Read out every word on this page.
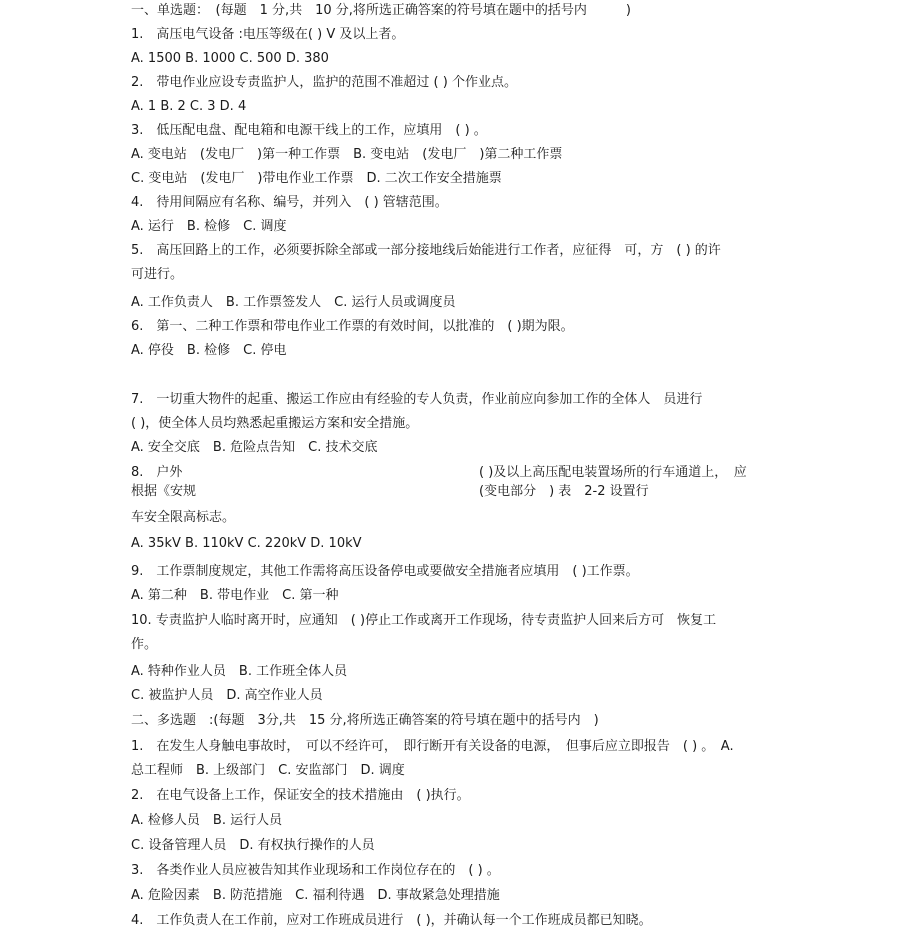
一、单选题：　(每题　1 分,共　10 分,将所选正确答案的符号填在题中的括号内　　　)
1.　高压电气设备 :电压等级在( ) V 及以上者。
A. 1500 B. 1000 C. 500 D. 380
2.　带电作业应设专责监护人，监护的范围不准超过 ( ) 个作业点。
A. 1 B. 2 C. 3 D. 4
3.　低压配电盘、配电箱和电源干线上的工作，应填用　( ) 。
A. 变电站　(发电厂　)第一种工作票　B. 变电站　(发电厂　)第二种工作票
C. 变电站　(发电厂　)带电作业工作票　D. 二次工作安全措施票
4.　待用间隔应有名称、编号，并列入　( ) 管辖范围。
A. 运行　B. 检修　C. 调度
5.　高压回路上的工作，必须要拆除全部或一部分接地线后始能进行工作者，应征得　可，方　( ) 的许
可进行。
A. 工作负责人　B. 工作票签发人　C. 运行人员或调度员
6.　第一、二种工作票和带电作业工作票的有效时间，以批准的　( )期为限。
A. 停役　B. 检修　C. 停电
7.　一切重大物件的起重、搬运工作应由有经验的专人负责，作业前应向参加工作的全体人　员进行
( )，使全体人员均熟悉起重搬运方案和安全措施。
A. 安全交底　B. 危险点告知　C. 技术交底
8.　户外	( )及以上高压配电装置场所的行车通道上，　应
根据《安规	(变电部分　) 表　2-2 设置行
车安全限高标志。
A. 35kV B. 110kV C. 220kV D. 10kV
9.　工作票制度规定，其他工作需将高压设备停电或要做安全措施者应填用　( )工作票。
A. 第二种　B. 带电作业　C. 第一种
10. 专责监护人临时离开时，应通知　( )停止工作或离开工作现场，待专责监护人回来后方可　恢复工
作。
A. 特种作业人员　B. 工作班全体人员
C. 被监护人员　D. 高空作业人员
二、多选题　:(每题　3分,共　15 分,将所选正确答案的符号填在题中的括号内　)
1.　在发生人身触电事故时，　可以不经许可，　即行断开有关设备的电源，　但事后应立即报告　( ) 。　A.
总工程师　B. 上级部门　C. 安监部门　D. 调度
2.　在电气设备上工作，保证安全的技术措施由　( )执行。
A. 检修人员　B. 运行人员
C. 设备管理人员　D. 有权执行操作的人员
3.　各类作业人员应被告知其作业现场和工作岗位存在的　( ) 。
A. 危险因素　B. 防范措施　C. 福利待遇　D. 事故紧急处理措施
4.　工作负责人在工作前，应对工作班成员进行　( )，并确认每一个工作班成员都已知晓。
